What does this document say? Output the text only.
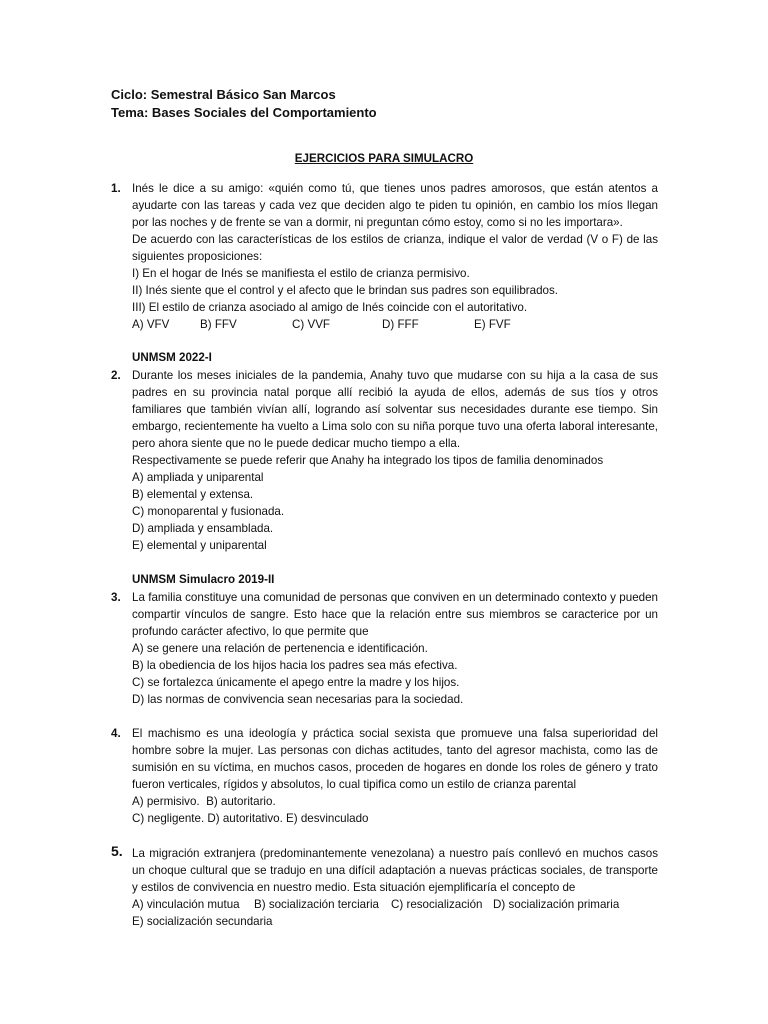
Ciclo: Semestral Básico San Marcos
Tema: Bases Sociales del Comportamiento
EJERCICIOS PARA SIMULACRO
1. Inés le dice a su amigo: «quién como tú, que tienes unos padres amorosos, que están atentos a ayudarte con las tareas y cada vez que deciden algo te piden tu opinión, en cambio los míos llegan por las noches y de frente se van a dormir, ni preguntan cómo estoy, como si no les importara».

De acuerdo con las características de los estilos de crianza, indique el valor de verdad (V o F) de las siguientes proposiciones:

I) En el hogar de Inés se manifiesta el estilo de crianza permisivo.

II) Inés siente que el control y el afecto que le brindan sus padres son equilibrados.

III) El estilo de crianza asociado al amigo de Inés coincide con el autoritativo.

A) VFV	B) FFV	C) VVF	D) FFF	E) FVF
UNMSM 2022-I
2. Durante los meses iniciales de la pandemia, Anahy tuvo que mudarse con su hija a la casa de sus padres en su provincia natal porque allí recibió la ayuda de ellos, además de sus tíos y otros familiares que también vivían allí, logrando así solventar sus necesidades durante ese tiempo. Sin embargo, recientemente ha vuelto a Lima solo con su niña porque tuvo una oferta laboral interesante, pero ahora siente que no le puede dedicar mucho tiempo a ella.

Respectivamente se puede referir que Anahy ha integrado los tipos de familia denominados

A) ampliada y uniparental

B) elemental y extensa.

C) monoparental y fusionada.

D) ampliada y ensamblada.

E) elemental y uniparental

UNMSM Simulacro 2019-II
3. La familia constituye una comunidad de personas que conviven en un determinado contexto y pueden compartir vínculos de sangre. Esto hace que la relación entre sus miembros se caracterice por un profundo carácter afectivo, lo que permite que

A) se genere una relación de pertenencia e identificación.

B) la obediencia de los hijos hacia los padres sea más efectiva.

C) se fortalezca únicamente el apego entre la madre y los hijos.

D) las normas de convivencia sean necesarias para la sociedad.

4. El machismo es una ideología y práctica social sexista que promueve una falsa superioridad del hombre sobre la mujer. Las personas con dichas actitudes, tanto del agresor machista, como las de sumisión en su víctima, en muchos casos, proceden de hogares en donde los roles de género y trato fueron verticales, rígidos y absolutos, lo cual tipifica como un estilo de crianza parental

A) permisivo.  B) autoritario.

C) negligente. D) autoritativo. E) desvinculado

5. La migración extranjera (predominantemente venezolana) a nuestro país conllevó en muchos casos un choque cultural que se tradujo en una difícil adaptación a nuevas prácticas sociales, de transporte y estilos de convivencia en nuestro medio. Esta situación ejemplificaría el concepto de

A) vinculación mutua	B) socialización terciaria	C) resocialización D) socialización primaria

E) socialización secundaria
